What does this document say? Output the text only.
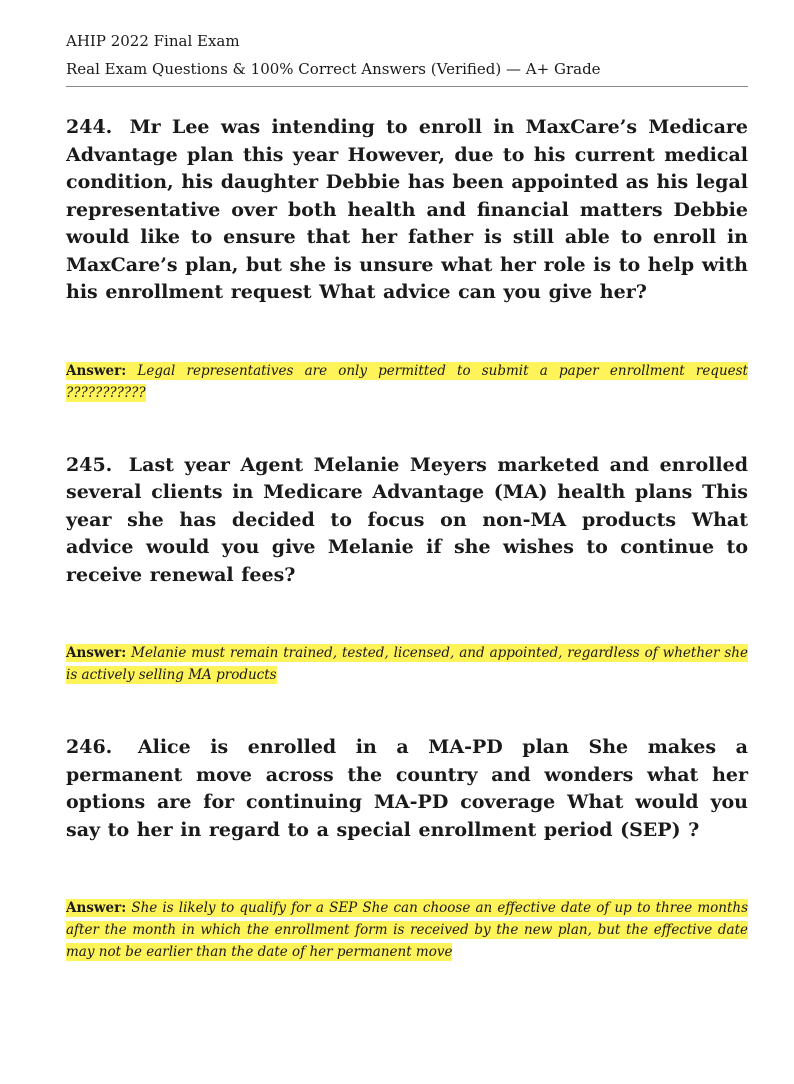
AHIP 2022 Final Exam

Real Exam Questions & 100% Correct Answers (Verified) — A+ Grade

244. Mr Lee was intending to enroll in MaxCare’s Medicare Advantage plan this year However, due to his current medical condition, his daughter Debbie has been appointed as his legal representative over both health and financial matters Debbie would like to ensure that her father is still able to enroll in MaxCare’s plan, but she is unsure what her role is to help with his enrollment request What advice can you give her?

Answer: Legal representatives are only permitted to submit a paper enrollment request ???????????

245. Last year Agent Melanie Meyers marketed and enrolled several clients in Medicare Advantage (MA) health plans This year she has decided to focus on non-MA products What advice would you give Melanie if she wishes to continue to receive renewal fees?

Answer: Melanie must remain trained, tested, licensed, and appointed, regardless of whether she is actively selling MA products

246. Alice is enrolled in a MA-PD plan She makes a permanent move across the country and wonders what her options are for continuing MA-PD coverage What would you say to her in regard to a special enrollment period (SEP) ?

Answer: She is likely to qualify for a SEP She can choose an effective date of up to three months after the month in which the enrollment form is received by the new plan, but the effective date may not be earlier than the date of her permanent move
